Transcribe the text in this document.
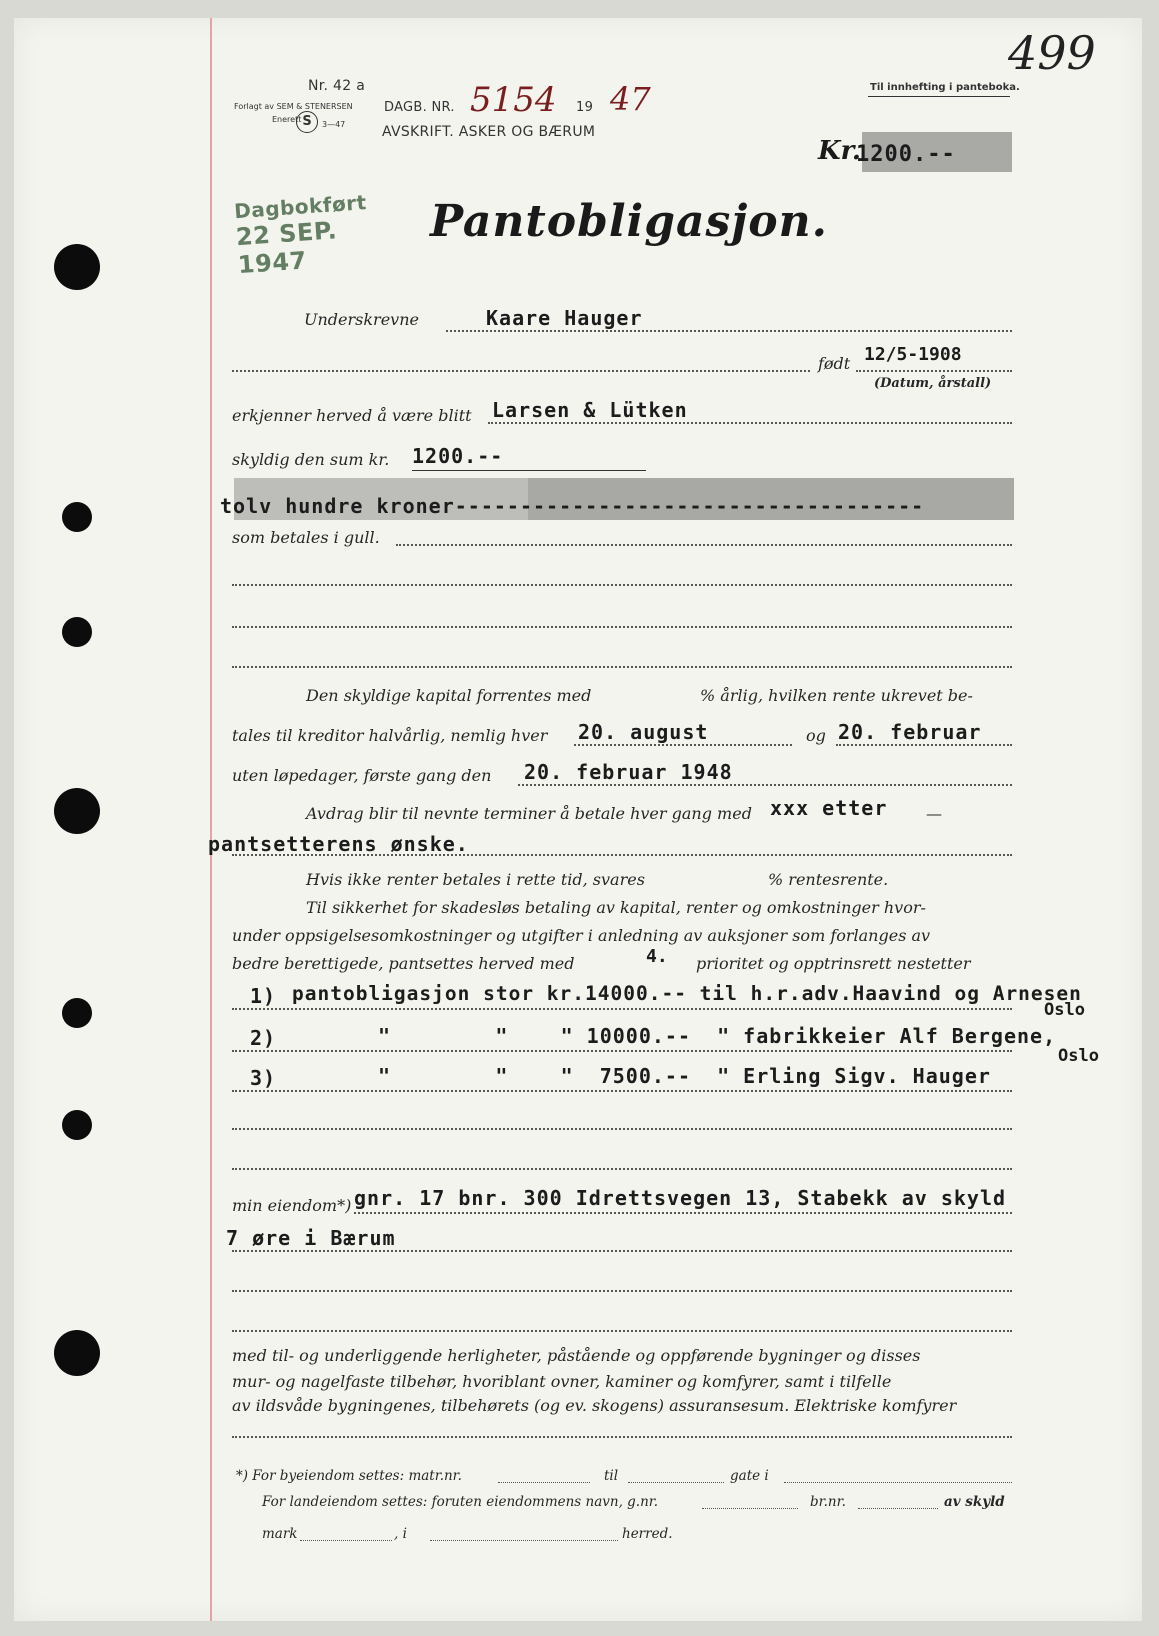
Nr. 42 a
Forlagt av SEM & STENERSEN
Enerett S	3—47
DAGB. NR. 5154 19 47
AVSKRIFT. ASKER OG BÆRUM
Til innhefting i panteboka.
499
Kr.
1200.--
Dagbokført
22 SEP. 1947
Pantobligasjon.
Underskrevne	Kaare Hauger
født 12/5-1908
(Datum, årstall)
erkjenner herved å være blitt Larsen & Lütken
skyldig den sum kr. 1200.--
tolv hundre kroner------------------------------------
som betales i gull.
Den skyldige kapital forrentes med	% årlig, hvilken rente ukrevet be-
tales til kreditor halvårlig, nemlig hver 20. august	og 20. februar
uten løpedager, første gang den 20. februar 1948
Avdrag blir til nevnte terminer å betale hver gang med xxx etter —
pantsetterens ønske.
Hvis ikke renter betales i rette tid, svares	% rentesrente.
Til sikkerhet for skadesløs betaling av kapital, renter og omkostninger hvor-
under oppsigelsesomkostninger og utgifter i anledning av auksjoner som forlanges av
bedre berettigede, pantsettes herved med	4. prioritet og opptrinsrett nestetter
1) pantobligasjon stor kr.14000.-- til h.r.adv.Haavind og Arnesen
Oslo
2)	"        "    " 10000.--  " fabrikkeier Alf Bergene,
Oslo
3)	"        "    "  7500.--  " Erling Sigv. Hauger
min eiendom*) gnr. 17 bnr. 300 Idrettsvegen 13, Stabekk av skyld
7 øre i Bærum
med til- og underliggende herligheter, påstående og oppførende bygninger og disses
mur- og nagelfaste tilbehør, hvoriblant ovner, kaminer og komfyrer, samt i tilfelle
av ildsvåde bygningenes, tilbehørets (og ev. skogens) assuransesum. Elektriske komfyrer
*) For byeiendom settes: matr.nr.	til	gate i
For landeiendom settes: foruten eiendommens navn, g.nr.	br.nr.	av skyld
mark	, i	herred.
